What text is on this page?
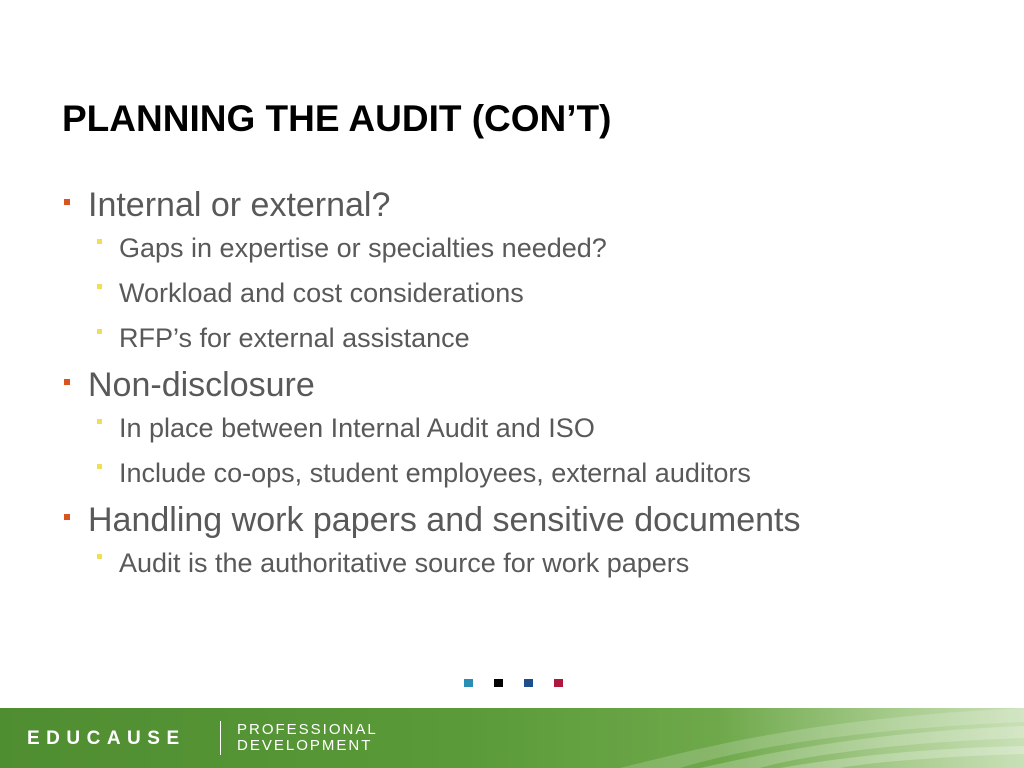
PLANNING THE AUDIT (CON’T)
Internal or external?
Gaps in expertise or specialties needed?
Workload and cost considerations
RFP’s for external assistance
Non-disclosure
In place between Internal Audit and ISO
Include co-ops, student employees, external auditors
Handling work papers and sensitive documents
Audit is the authoritative source for work papers
EDUCAUSE	PROFESSIONAL
DEVELOPMENT
